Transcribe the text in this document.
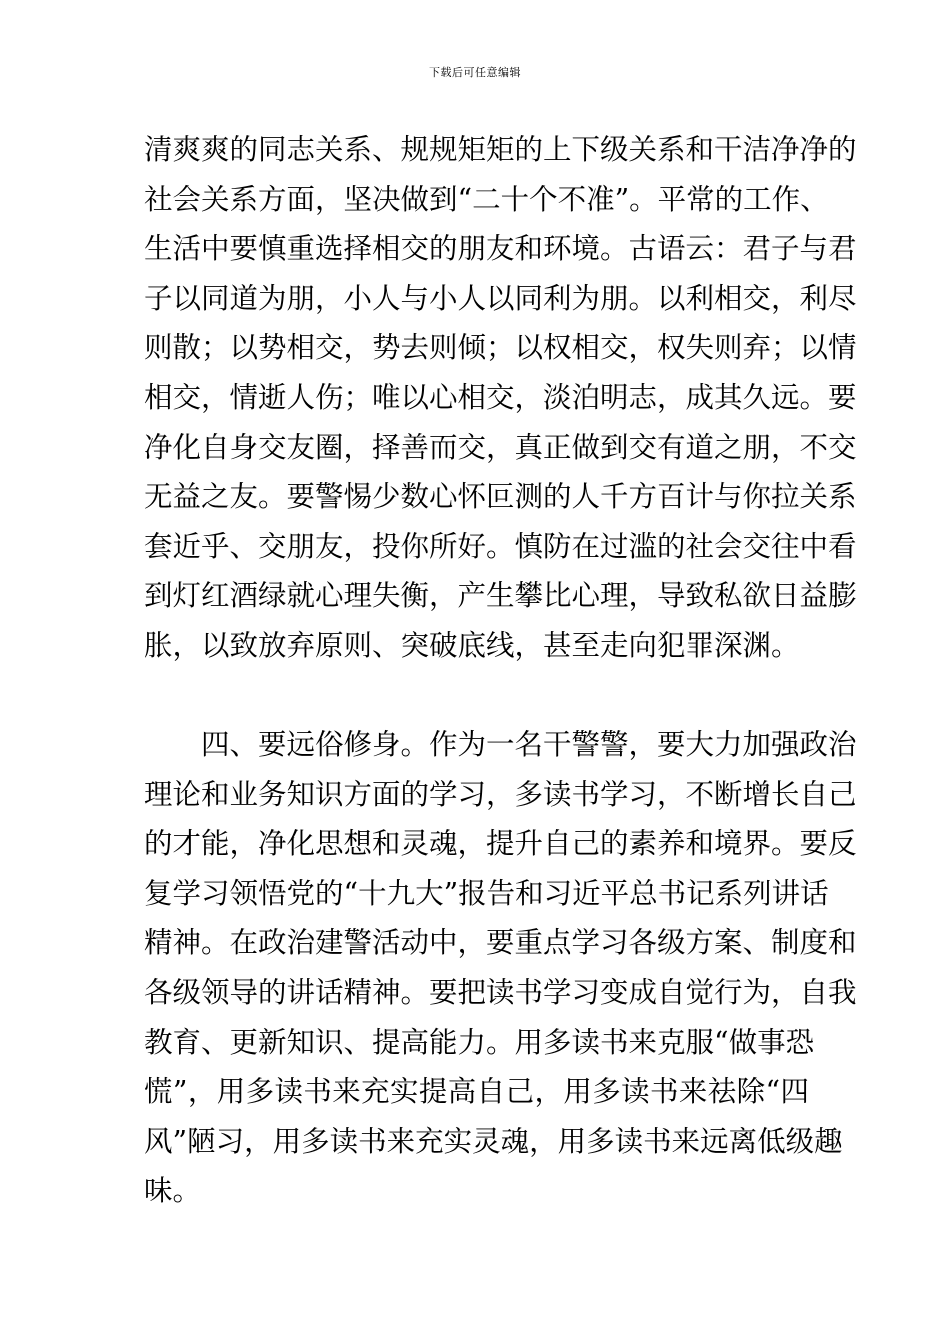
下载后可任意编辑
清爽爽的同志关系、规规矩矩的上下级关系和干洁净净的
社会关系方面，坚决做到“二十个不准”。平常的工作、
生活中要慎重选择相交的朋友和环境。古语云：君子与君
子以同道为朋，小人与小人以同利为朋。以利相交，利尽
则散；以势相交，势去则倾；以权相交，权失则弃；以情
相交，情逝人伤；唯以心相交，淡泊明志，成其久远。要
净化自身交友圈，择善而交，真正做到交有道之朋，不交
无益之友。要警惕少数心怀叵测的人千方百计与你拉关系
套近乎、交朋友，投你所好。慎防在过滥的社会交往中看
到灯红酒绿就心理失衡，产生攀比心理，导致私欲日益膨
胀，以致放弃原则、突破底线，甚至走向犯罪深渊。
四、要远俗修身。作为一名干警警，要大力加强政治
理论和业务知识方面的学习，多读书学习，不断增长自己
的才能，净化思想和灵魂，提升自己的素养和境界。要反
复学习领悟党的“十九大”报告和习近平总书记系列讲话
精神。在政治建警活动中，要重点学习各级方案、制度和
各级领导的讲话精神。要把读书学习变成自觉行为，自我
教育、更新知识、提高能力。用多读书来克服“做事恐
慌”，用多读书来充实提高自己，用多读书来祛除“四
风”陋习，用多读书来充实灵魂，用多读书来远离低级趣
味。
